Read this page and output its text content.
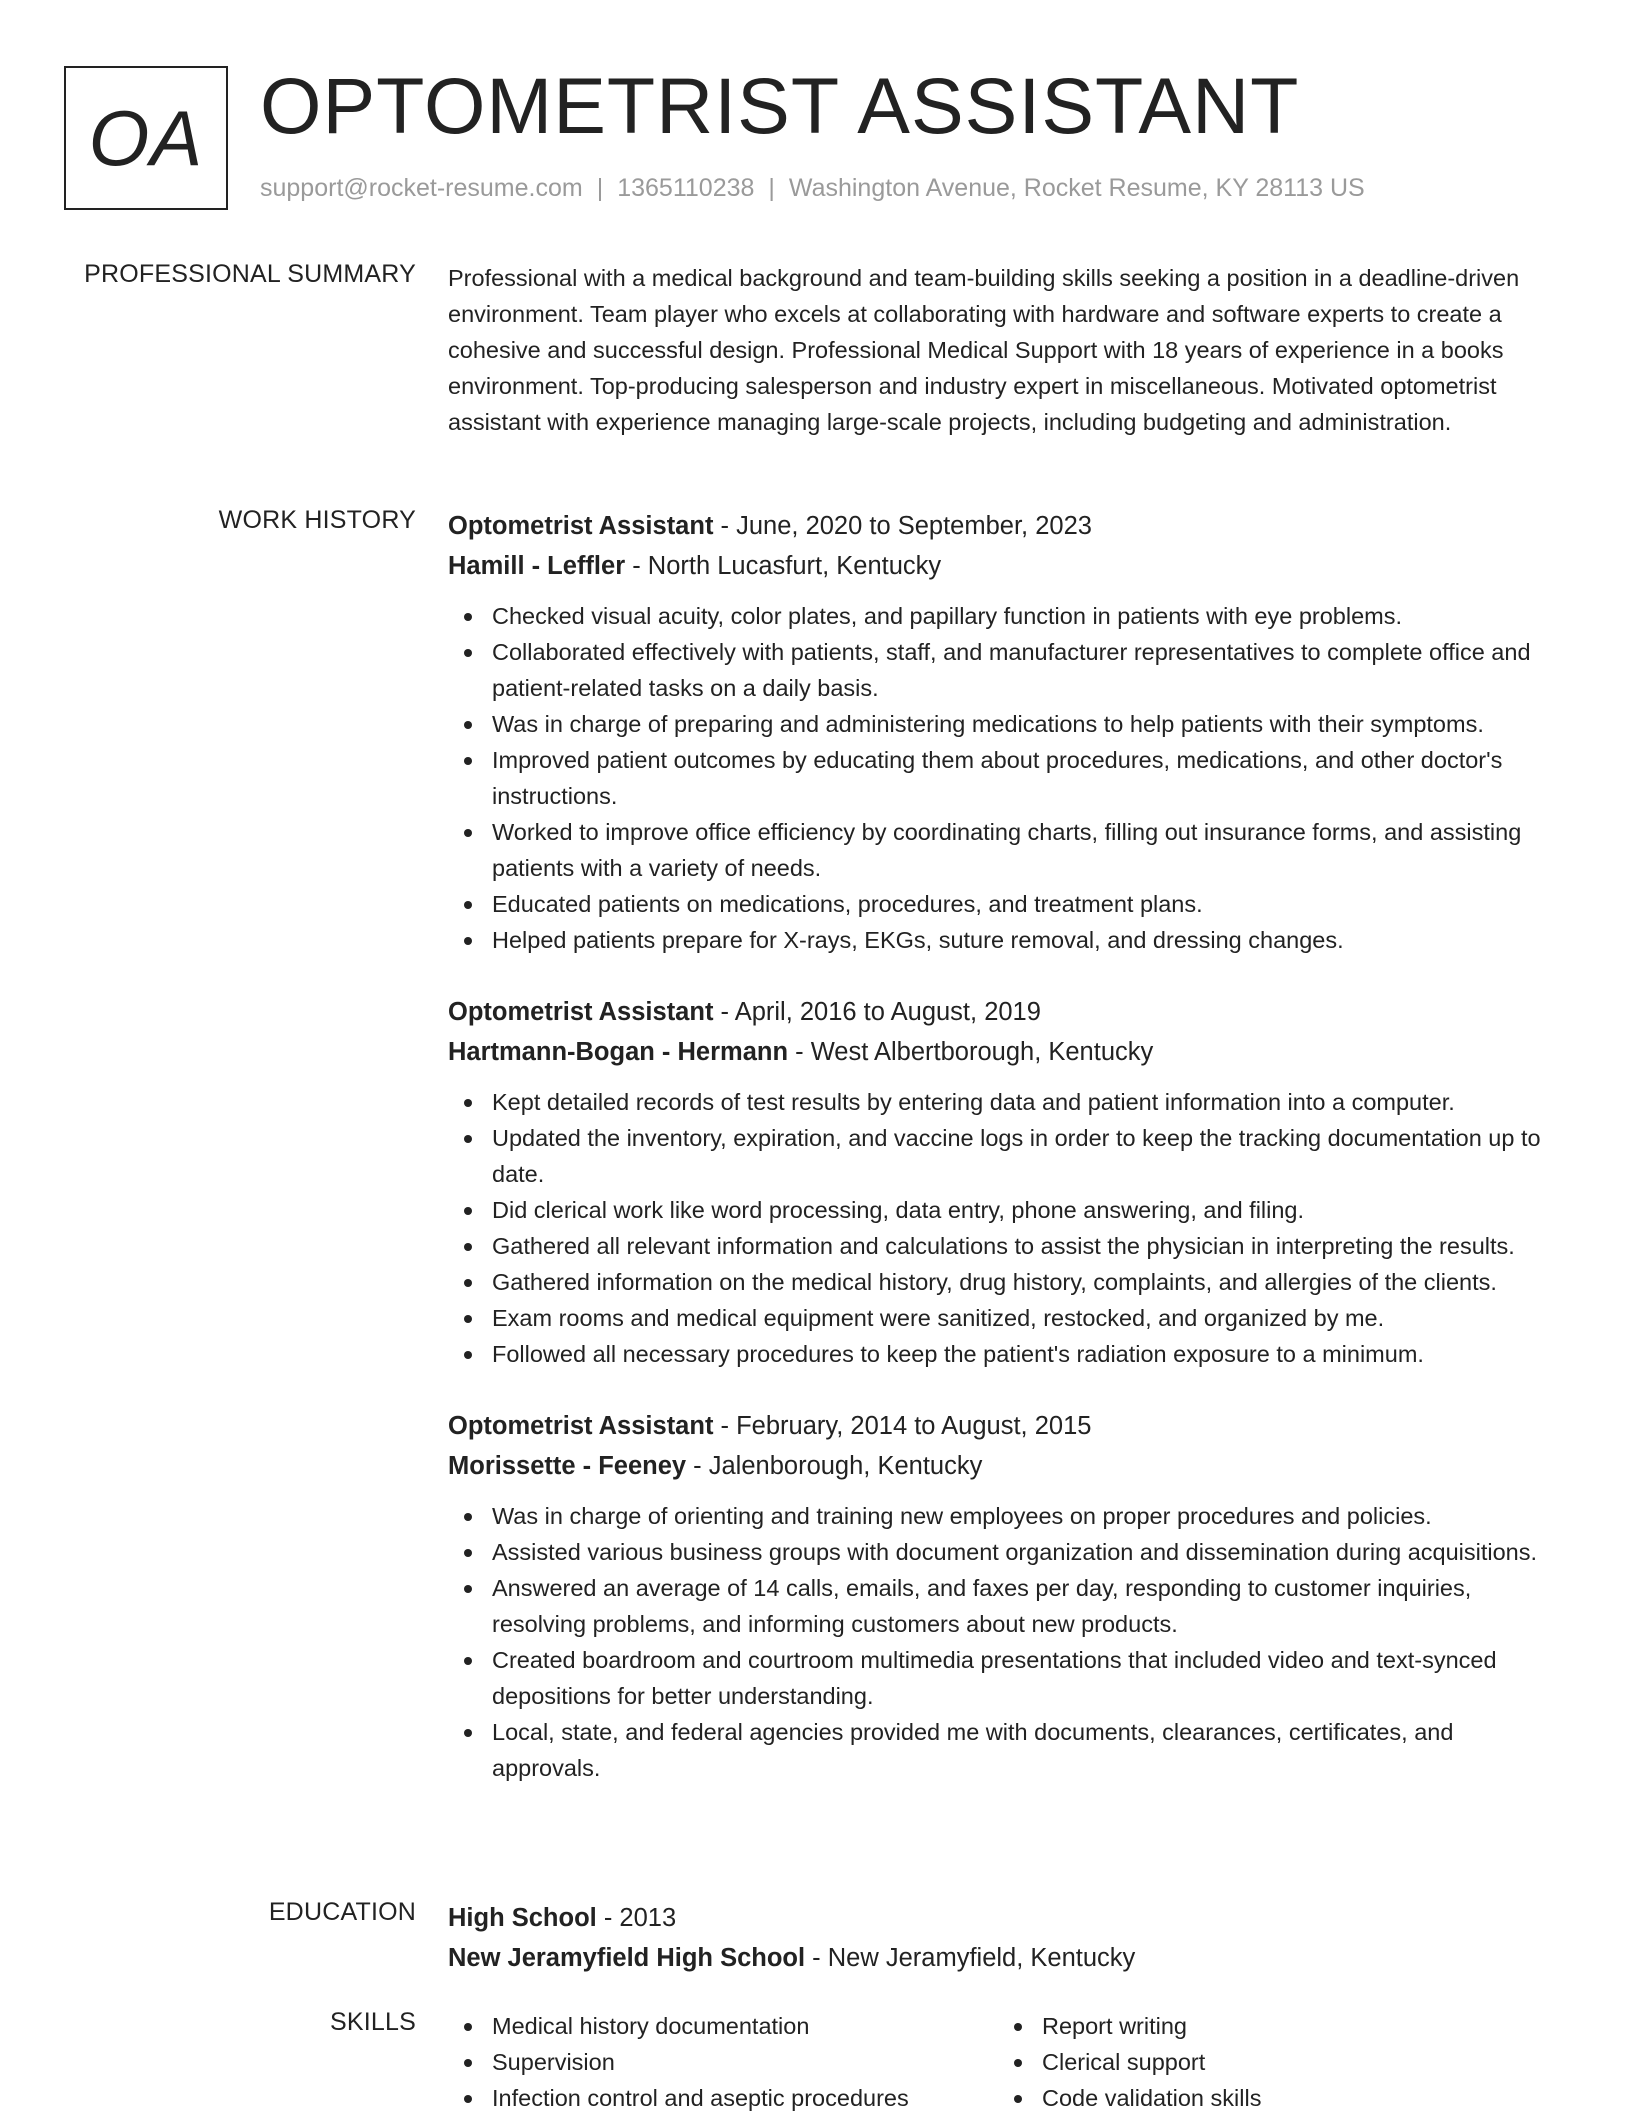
OA OPTOMETRIST ASSISTANT
support@rocket-resume.com | 1365110238 | Washington Avenue, Rocket Resume, KY 28113 US
PROFESSIONAL SUMMARY Professional with a medical background and team-building skills seeking a position in a deadline-driven environment. Team player who excels at collaborating with hardware and software experts to create a cohesive and successful design. Professional Medical Support with 18 years of experience in a books environment. Top-producing salesperson and industry expert in miscellaneous. Motivated optometrist assistant with experience managing large-scale projects, including budgeting and administration.

WORK HISTORY Optometrist Assistant - June, 2020 to September, 2023
Hamill - Leffler - North Lucasfurt, Kentucky
Checked visual acuity, color plates, and papillary function in patients with eye problems.
Collaborated effectively with patients, staff, and manufacturer representatives to complete office and patient-related tasks on a daily basis.
Was in charge of preparing and administering medications to help patients with their symptoms.
Improved patient outcomes by educating them about procedures, medications, and other doctor's instructions.
Worked to improve office efficiency by coordinating charts, filling out insurance forms, and assisting patients with a variety of needs.
Educated patients on medications, procedures, and treatment plans.
Helped patients prepare for X-rays, EKGs, suture removal, and dressing changes.
Optometrist Assistant - April, 2016 to August, 2019
Hartmann-Bogan - Hermann - West Albertborough, Kentucky
Kept detailed records of test results by entering data and patient information into a computer.
Updated the inventory, expiration, and vaccine logs in order to keep the tracking documentation up to date.
Did clerical work like word processing, data entry, phone answering, and filing.
Gathered all relevant information and calculations to assist the physician in interpreting the results.
Gathered information on the medical history, drug history, complaints, and allergies of the clients.
Exam rooms and medical equipment were sanitized, restocked, and organized by me.
Followed all necessary procedures to keep the patient's radiation exposure to a minimum.
Optometrist Assistant - February, 2014 to August, 2015
Morissette - Feeney - Jalenborough, Kentucky
Was in charge of orienting and training new employees on proper procedures and policies.
Assisted various business groups with document organization and dissemination during acquisitions.
Answered an average of 14 calls, emails, and faxes per day, responding to customer inquiries, resolving problems, and informing customers about new products.
Created boardroom and courtroom multimedia presentations that included video and text-synced depositions for better understanding.
Local, state, and federal agencies provided me with documents, clearances, certificates, and approvals.
EDUCATION High School - 2013
New Jeramyfield High School - New Jeramyfield, Kentucky
SKILLS	Medical history documentation	Report writing
Supervision	Clerical support
Infection control and aseptic procedures	Code validation skills
